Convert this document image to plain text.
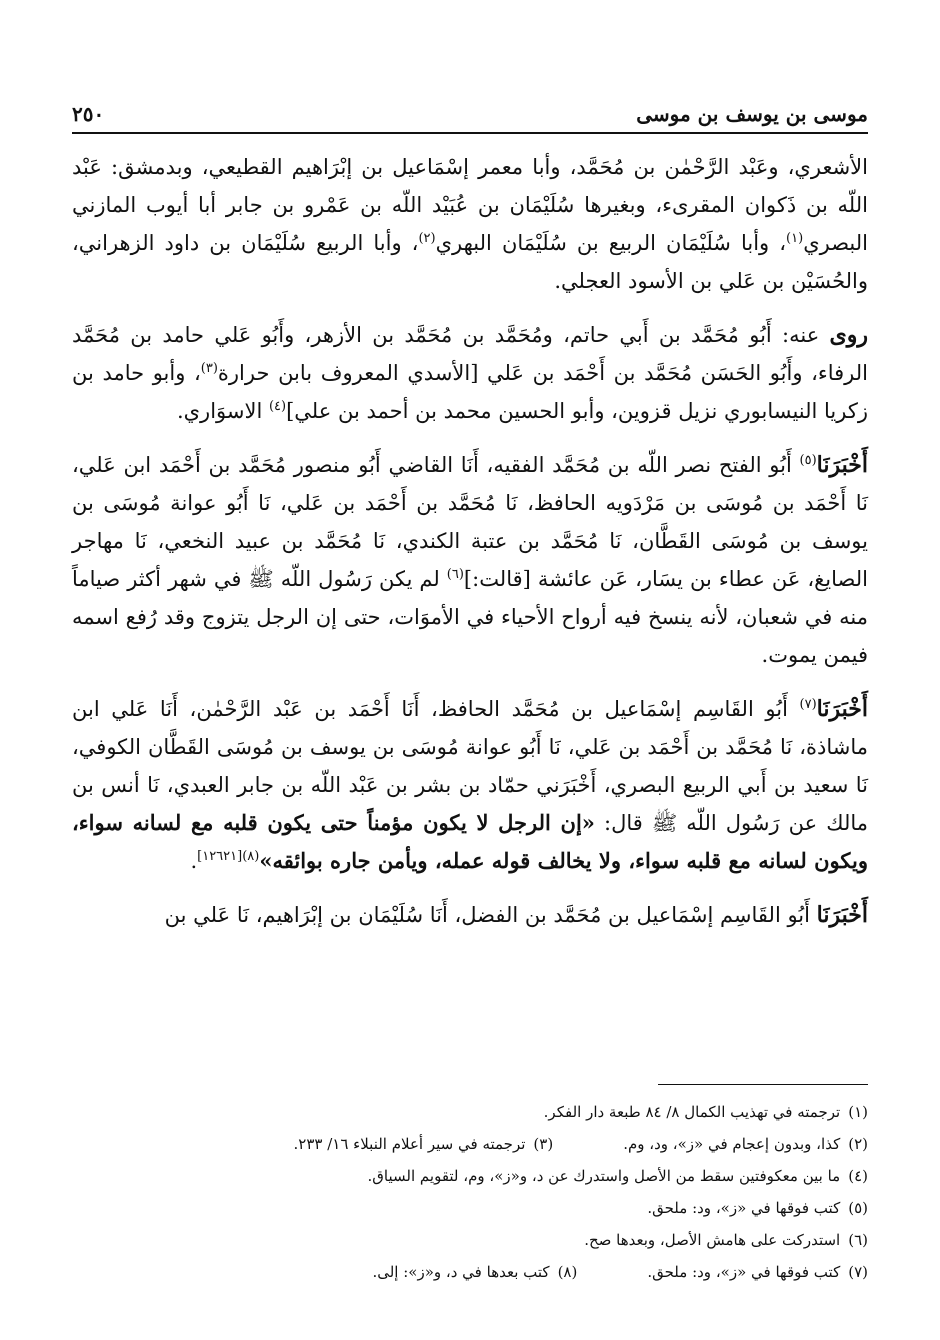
موسى بن يوسف بن موسى
٢٥٠

الأشعري، وعَبْد الرَّحْمٰن بن مُحَمَّد، وأبا معمر إسْمَاعيل بن إبْرَاهيم القطيعي، وبدمشق: عَبْد اللّه بن ذَكوان المقرىء، وبغيرها سُلَيْمَان بن عُبَيْد اللّه بن عَمْرو بن جابر أبا أيوب المازني البصري$^{(١)}$، وأبا سُلَيْمَان الربيع بن سُلَيْمَان البهري$^{(٢)}$، وأبا الربيع سُلَيْمَان بن داود الزهراني، والحُسَيْن بن عَلي بن الأسود العجلي.

روى عنه: أَبُو مُحَمَّد بن أَبي حاتم، ومُحَمَّد بن مُحَمَّد بن الأزهر، وأَبُو عَلي حامد بن مُحَمَّد الرفاء، وأَبُو الحَسَن مُحَمَّد بن أَحْمَد بن عَلي [الأسدي المعروف بابن حرارة$^{(٣)}$، وأبو حامد بن زكريا النيسابوري نزيل قزوين، وأبو الحسين محمد بن أحمد بن علي]$^{(٤)}$ الاسوَاري.

أَخْبَرَنَا$^{(٥)}$ أَبُو الفتح نصر اللّه بن مُحَمَّد الفقيه، أَنَا القاضي أَبُو منصور مُحَمَّد بن أَحْمَد ابن عَلي، نَا أَحْمَد بن مُوسَى بن مَرْدَويه الحافظ، نَا مُحَمَّد بن أَحْمَد بن عَلي، نَا أَبُو عوانة مُوسَى بن يوسف بن مُوسَى القَطَّان، نَا مُحَمَّد بن عتبة الكندي، نَا مُحَمَّد بن عبيد النخعي، نَا مهاجر الصايغ، عَن عطاء بن يسَار، عَن عائشة [قالت:]$^{(٦)}$ لم يكن رَسُول اللّه ﷺ في شهر أكثر صياماً منه في شعبان، لأنه ينسخ فيه أرواح الأحياء في الأموَات، حتى إن الرجل يتزوج وقد رُفع اسمه فيمن يموت.

أَخْبَرَنَا$^{(٧)}$ أَبُو القَاسِم إسْمَاعيل بن مُحَمَّد الحافظ، أَنَا أَحْمَد بن عَبْد الرَّحْمٰن، أَنَا عَلي ابن ماشاذة، نَا مُحَمَّد بن أَحْمَد بن عَلي، نَا أَبُو عوانة مُوسَى بن يوسف بن مُوسَى القَطَّان الكوفي، نَا سعيد بن أَبي الربيع البصري، أَخْبَرَني حمّاد بن بشر بن عَبْد اللّه بن جابر العبدي، نَا أنس بن مالك عن رَسُول اللّه ﷺ قال: «إن الرجل لا يكون مؤمناً حتى يكون قلبه مع لسانه سواء، ويكون لسانه مع قلبه سواء، ولا يخالف قوله عمله، ويأمن جاره بوائقه»$^{(٨)[١٢٦٢١]}$.

أَخْبَرَنَا أَبُو القَاسِم إسْمَاعيل بن مُحَمَّد بن الفضل، أَنَا سُلَيْمَان بن إبْرَاهيم، نَا عَلي بن

(١)ترجمته في تهذيب الكمال ٨/ ٨٤ طبعة دار الفكر.
(٢)كذا، وبدون إعجام في «ز»، ود، وم.
(٣)ترجمته في سير أعلام النبلاء ١٦/ ٢٣٣.
(٤)ما بين معكوفتين سقط من الأصل واستدرك عن د، و«ز»، وم، لتقويم السياق.
(٥)كتب فوقها في «ز»، ود: ملحق.
(٦)استدركت على هامش الأصل، وبعدها صح.
(٧)كتب فوقها في «ز»، ود: ملحق.
(٨)كتب بعدها في د، و«ز»: إلى.
